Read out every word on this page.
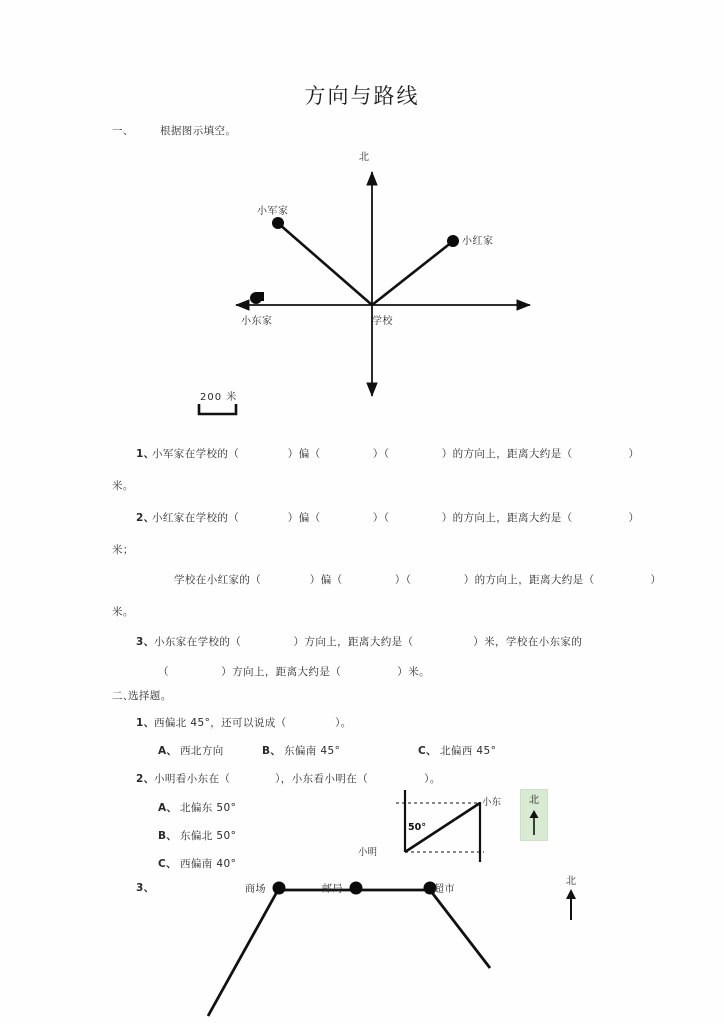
方向与路线
一、 根据图示填空。
北
小军家
小红家
小东家	学校
200 米
1、
小军家在学校的（             ）偏（              ）（              ）的方向上，距离大约是（               ）
米。
2、
小红家在学校的（             ）偏（              ）（              ）的方向上，距离大约是（               ）
米；
学校在小红家的（             ）偏（              ）（              ）的方向上，距离大约是（               ）
米。
3、 小东家在学校的（              ）方向上，距离大约是（                ）米，学校在小东家的
（              ）方向上，距离大约是（               ）米。
二、
选择题。
1、 西偏北 45°，还可以说成（             ）。
A、 西北方向	B、 东偏南 45°	C、 北偏西 45°
2、 小明看小东在（            ），小东看小明在（               ）。
A、 北偏东 50°
B、 东偏北 50°
C、 西偏南 40°
50°
小明
小东	北
3、	商场	邮局	超市
北
